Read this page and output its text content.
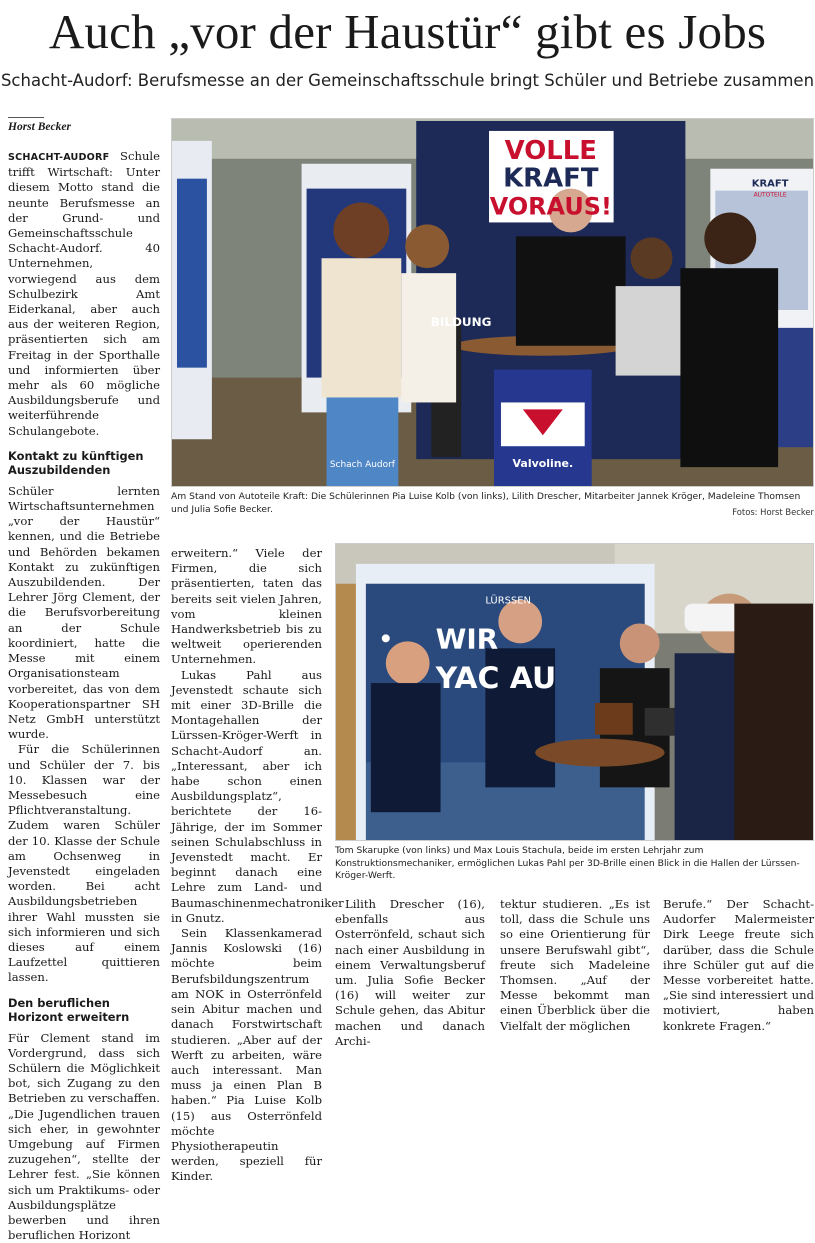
Auch „vor der Haustür“ gibt es Jobs
Schacht-Audorf: Berufsmesse an der Gemeinschaftsschule bringt Schüler und Betriebe zusammen
Horst Becker

SCHACHT-AUDORF Schule trifft Wirtschaft: Unter diesem Motto stand die neunte Berufsmesse an der Grund- und Gemeinschaftsschule Schacht-Audorf. 40 Unternehmen, vorwiegend aus dem Schulbezirk Amt Eiderkanal, aber auch aus der weiteren Region, präsentierten sich am Freitag in der Sporthalle und informierten über mehr als 60 mögliche Ausbildungsberufe und weiterführende Schulangebote.

Kontakt zu künftigen Auszubildenden

Schüler lernten Wirtschaftsunternehmen „vor der Haustür“ kennen, und die Betriebe und Behörden bekamen Kontakt zu zukünftigen Auszubildenden. Der Lehrer Jörg Clement, der die Berufsvorbereitung an der Schule koordiniert, hatte die Messe mit einem Organisationsteam vorbereitet, das von dem Kooperationspartner SH Netz GmbH unterstützt wurde.

Für die Schülerinnen und Schüler der 7. bis 10. Klassen war der Messebesuch eine Pflichtveranstaltung. Zudem waren Schüler der 10. Klasse der Schule am Ochsenweg in Jevenstedt eingeladen worden. Bei acht Ausbildungsbetrieben ihrer Wahl mussten sie sich informieren und sich dieses auf einem Laufzettel quittieren lassen.

Den beruflichen Horizont erweitern

Für Clement stand im Vordergrund, dass sich Schülern die Möglichkeit bot, sich Zugang zu den Betrieben zu verschaffen. „Die Jugendlichen trauen sich eher, in gewohnter Umgebung auf Firmen zuzugehen“, stellte der Lehrer fest. „Sie können sich um Praktikums- oder Ausbildungsplätze bewerben und ihren beruflichen Horizont

VOLLE
KRAFT
VORAUS!
KRAFT
AUTOTEILE
BILDUNG
Valvoline.
Schach Audorf
Am Stand von Autoteile Kraft: Die Schülerinnen Pia Luise Kolb (von links), Lilith Drescher, Mitarbeiter Jannek Kröger, Madeleine Thomsen und Julia Sofie Becker.	Fotos: Horst Becker

erweitern.“ Viele der Firmen, die sich präsentierten, taten das bereits seit vielen Jahren, vom kleinen Handwerksbetrieb bis zu weltweit operierenden Unternehmen.

Lukas Pahl aus Jevenstedt schaute sich mit einer 3D-Brille die Montagehallen der Lürssen-Kröger-Werft in Schacht-Audorf an. „Interessant, aber ich habe schon einen Ausbildungsplatz“, berichtete der 16-Jährige, der im Sommer seinen Schulabschluss in Jevenstedt macht. Er beginnt danach eine Lehre zum Land- und Baumaschinenmechatroniker in Gnutz.

Sein Klassenkamerad Jannis Koslowski (16) möchte beim Berufsbildungszentrum am NOK in Osterrönfeld sein Abitur machen und danach Forstwirtschaft studieren. „Aber auf der Werft zu arbeiten, wäre auch interessant. Man muss ja einen Plan B haben.“ Pia Luise Kolb (15) aus Osterrönfeld möchte Physiotherapeutin werden, speziell für Kinder.

WIR
YAC AU
LÜRSSEN
Tom Skarupke (von links) und Max Louis Stachula, beide im ersten Lehrjahr zum Konstruktionsmechaniker, ermöglichen Lukas Pahl per 3D-Brille einen Blick in die Hallen der Lürssen-Kröger-Werft.

Lilith Drescher (16), ebenfalls aus Osterrönfeld, schaut sich nach einer Ausbildung in einem Verwaltungsberuf um. Julia Sofie Becker (16) will weiter zur Schule gehen, das Abitur machen und danach Archi-

tektur studieren. „Es ist toll, dass die Schule uns so eine Orientierung für unsere Berufswahl gibt“, freute sich Madeleine Thomsen. „Auf der Messe bekommt man einen Überblick über die Vielfalt der möglichen

Berufe.“ Der Schacht-Audorfer Malermeister Dirk Leege freute sich darüber, dass die Schule ihre Schüler gut auf die Messe vorbereitet hatte. „Sie sind interessiert und motiviert, haben konkrete Fragen.“
